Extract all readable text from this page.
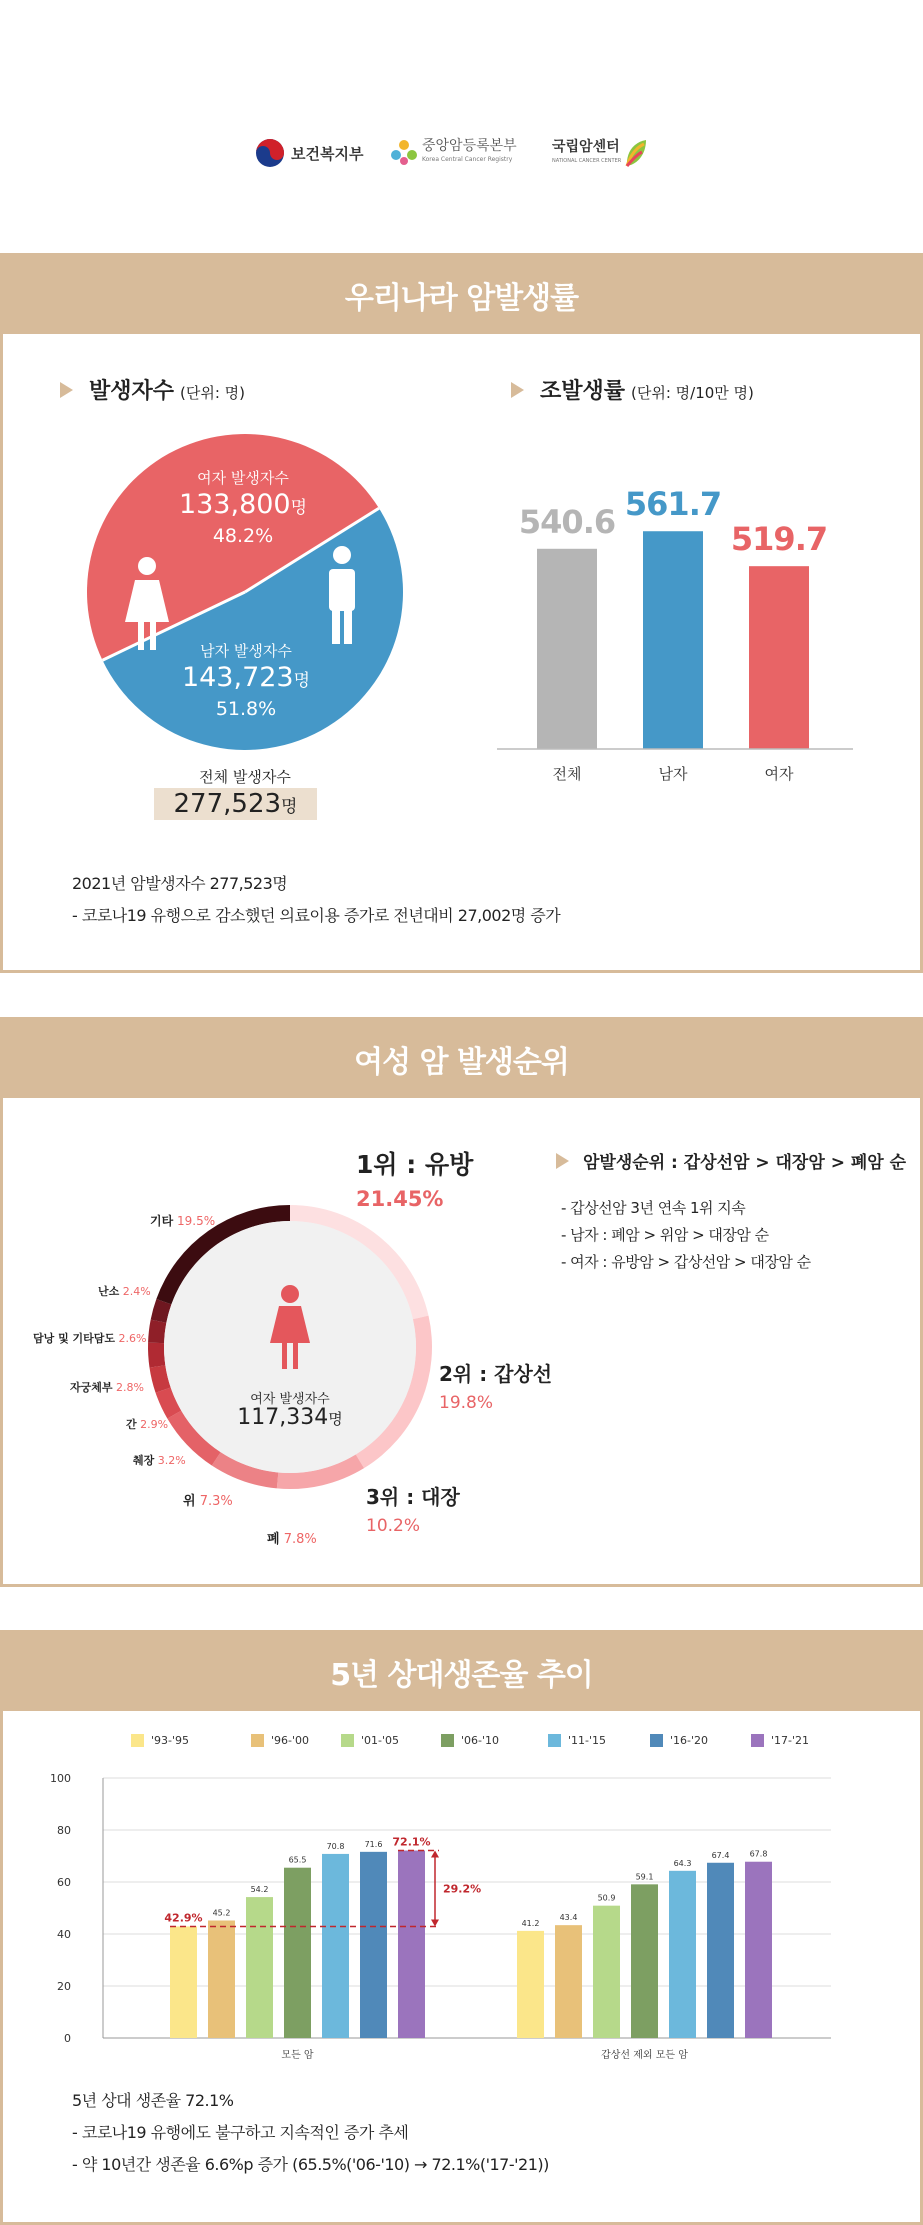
보건복지부	중앙암등록본부
Korea Central Cancer Registry
국립암센터
NATIONAL CANCER CENTER
우리나라 암발생률
발생자수 (단위: 명)
여자 발생자수
133,800명
48.2%
남자 발생자수
143,723명
51.8%
전체 발생자수
277,523명
조발생률 (단위: 명/10만 명)
2021년 암발생자수 277,523명
- 코로나19 유행으로 감소했던 의료이용 증가로 전년대비 27,002명 증가
540.6
전체
561.7
남자
519.7
여자
여성 암 발생순위
여자 발생자수
117,334명
1위 : 유방
21.45%
2위 : 갑상선
19.8%
3위 : 대장
10.2%
폐 7.8%
위 7.3%
췌장 3.2%
간 2.9%
자궁체부 2.8%
담낭 및 기타담도 2.6%
난소 2.4%
기타 19.5%
암발생순위 : 갑상선암 > 대장암 > 폐암 순
- 갑상선암 3년 연속 1위 지속
- 남자 : 폐암 > 위암 > 대장암 순
- 여자 : 유방암 > 갑상선암 > 대장암 순
5년 상대생존율 추이
'93-'95	'96-'00	'01-'05	'06-'10	'11-'15	'16-'20	'17-'21
0
20
40
60
80
100
42.9% 45.2
54.2
65.5
70.8	71.6 72.1%
모든 암
41.2
43.4
50.9
59.1
64.3
67.4	67.8
갑상선 제외 모든 암
29.2%
5년 상대 생존율 72.1%
- 코로나19 유행에도 불구하고 지속적인 증가 추세
- 약 10년간 생존율 6.6%p 증가 (65.5%('06-'10) → 72.1%('17-'21))
